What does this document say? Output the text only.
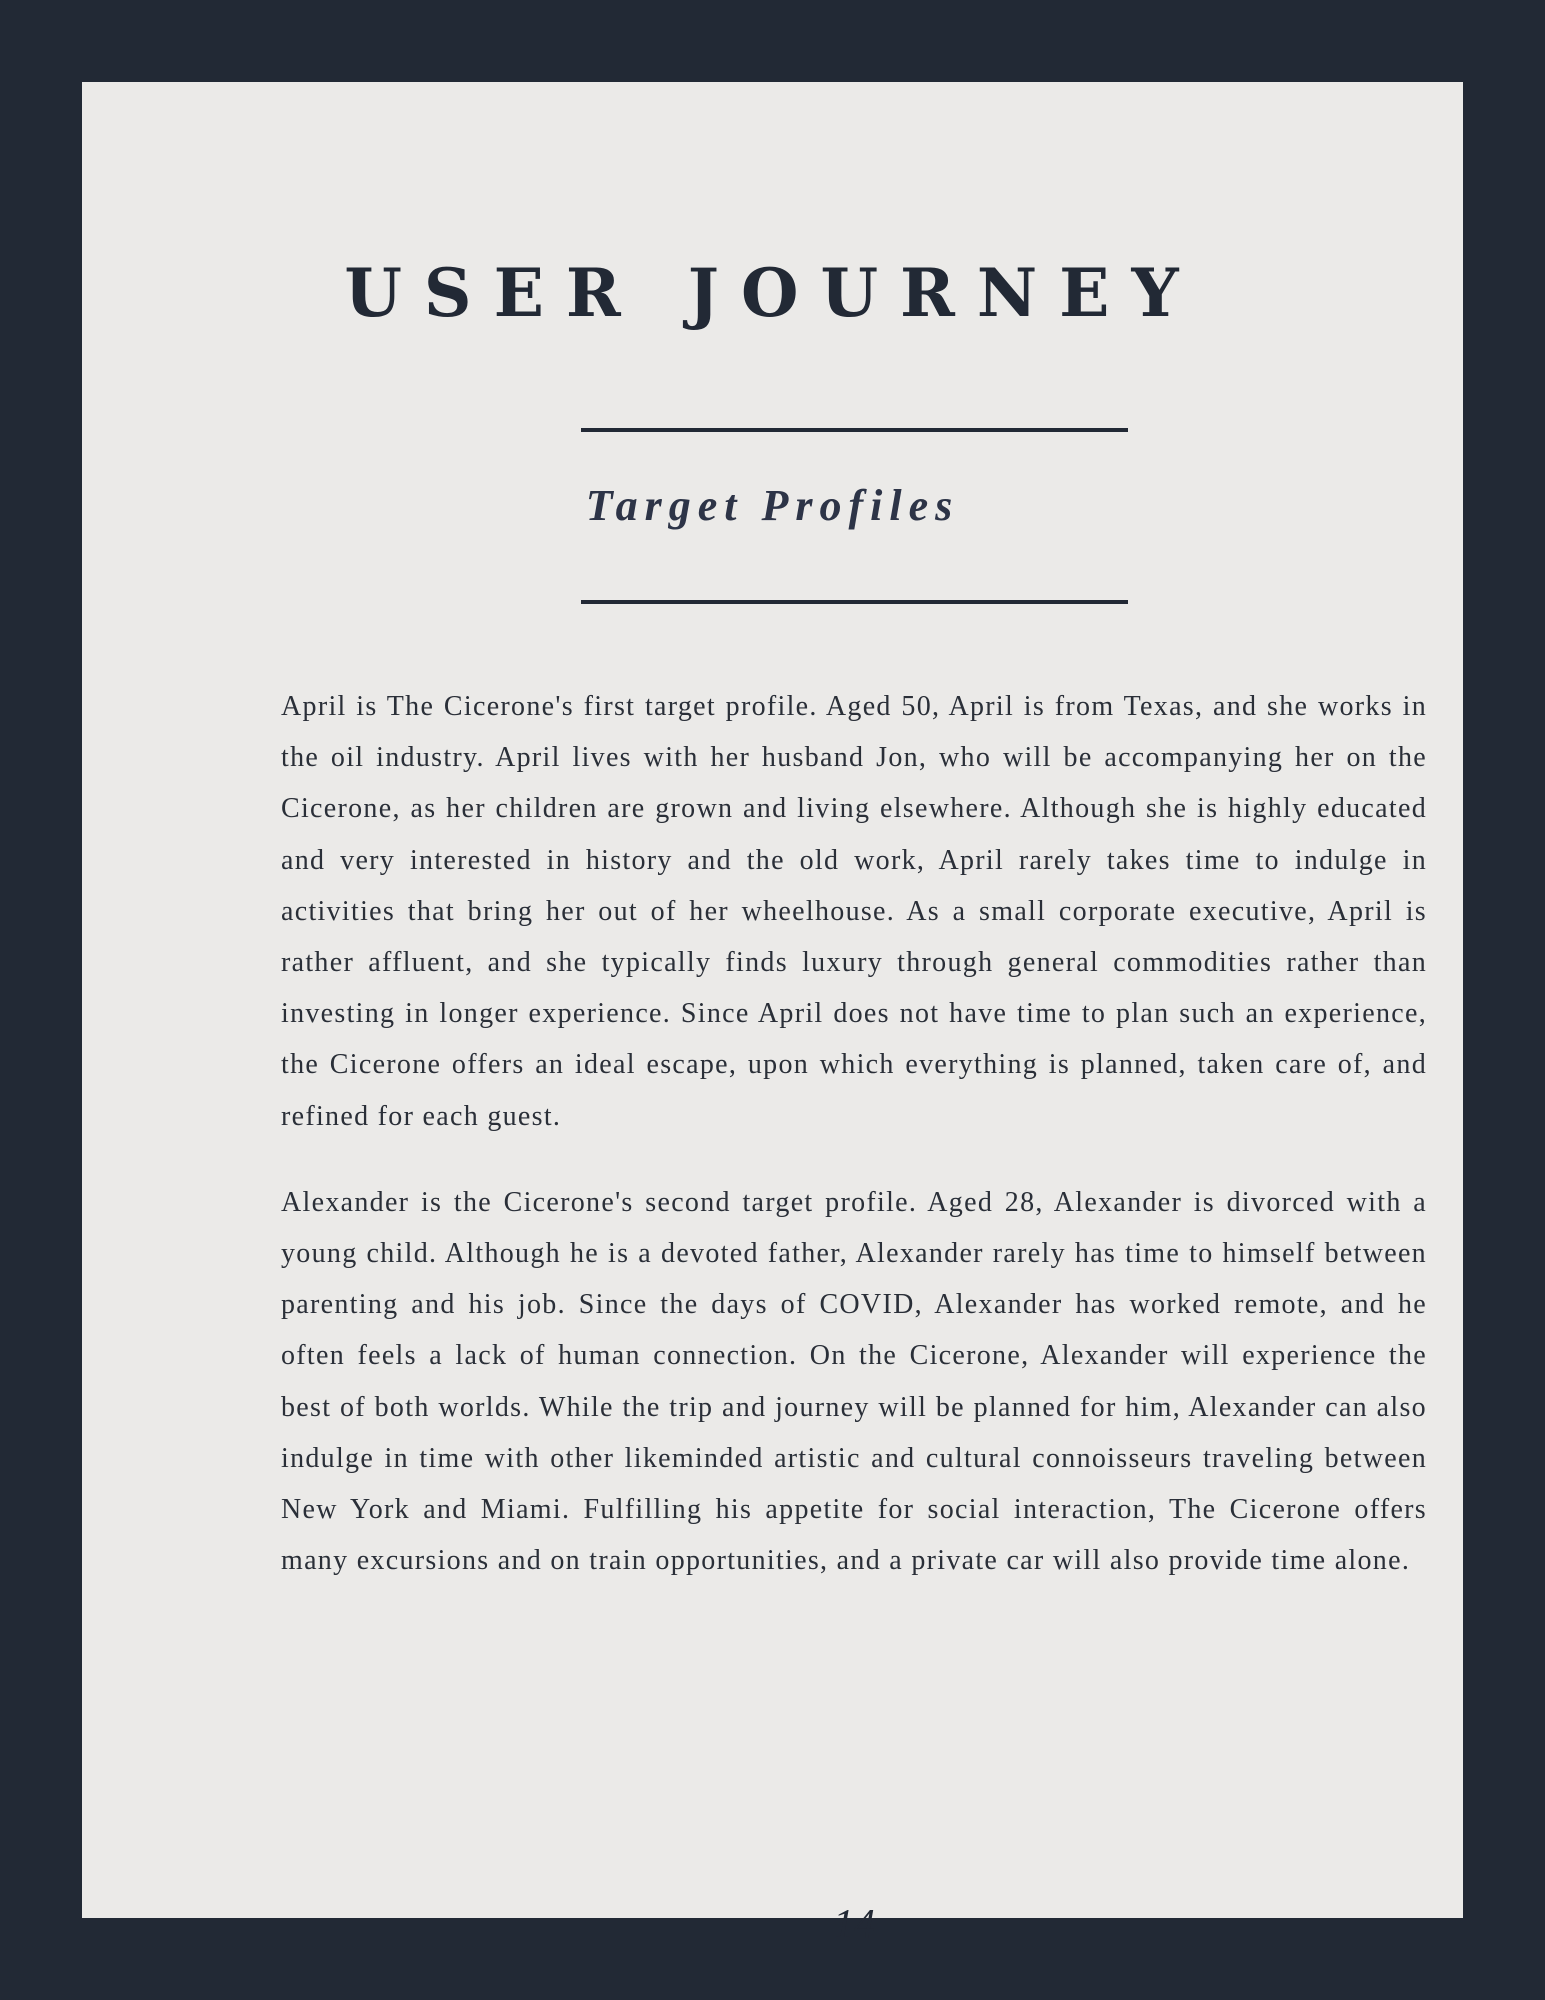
USER JOURNEY
Target Profiles

April is The Cicerone's first target profile. Aged 50, April is from Texas, and she works in the oil industry. April lives with her husband Jon, who will be accompanying her on the Cicerone, as her children are grown and living elsewhere. Although she is highly educated and very interested in history and the old work, April rarely takes time to indulge in activities that bring her out of her wheelhouse. As a small corporate executive, April is rather affluent, and she typically finds luxury through general commodities rather than investing in longer experience. Since April does not have time to plan such an experience, the Cicerone offers an ideal escape, upon which everything is planned, taken care of, and refined for each guest.

Alexander is the Cicerone's second target profile. Aged 28, Alexander is divorced with a young child. Although he is a devoted father, Alexander rarely has time to himself between parenting and his job. Since the days of COVID, Alexander has worked remote, and he often feels a lack of human connection. On the Cicerone, Alexander will experience the best of both worlds. While the trip and journey will be planned for him, Alexander can also indulge in time with other likeminded artistic and cultural connoisseurs traveling between New York and Miami. Fulfilling his appetite for social interaction, The Cicerone offers many excursions and on train opportunities, and a private car will also provide time alone.

14
